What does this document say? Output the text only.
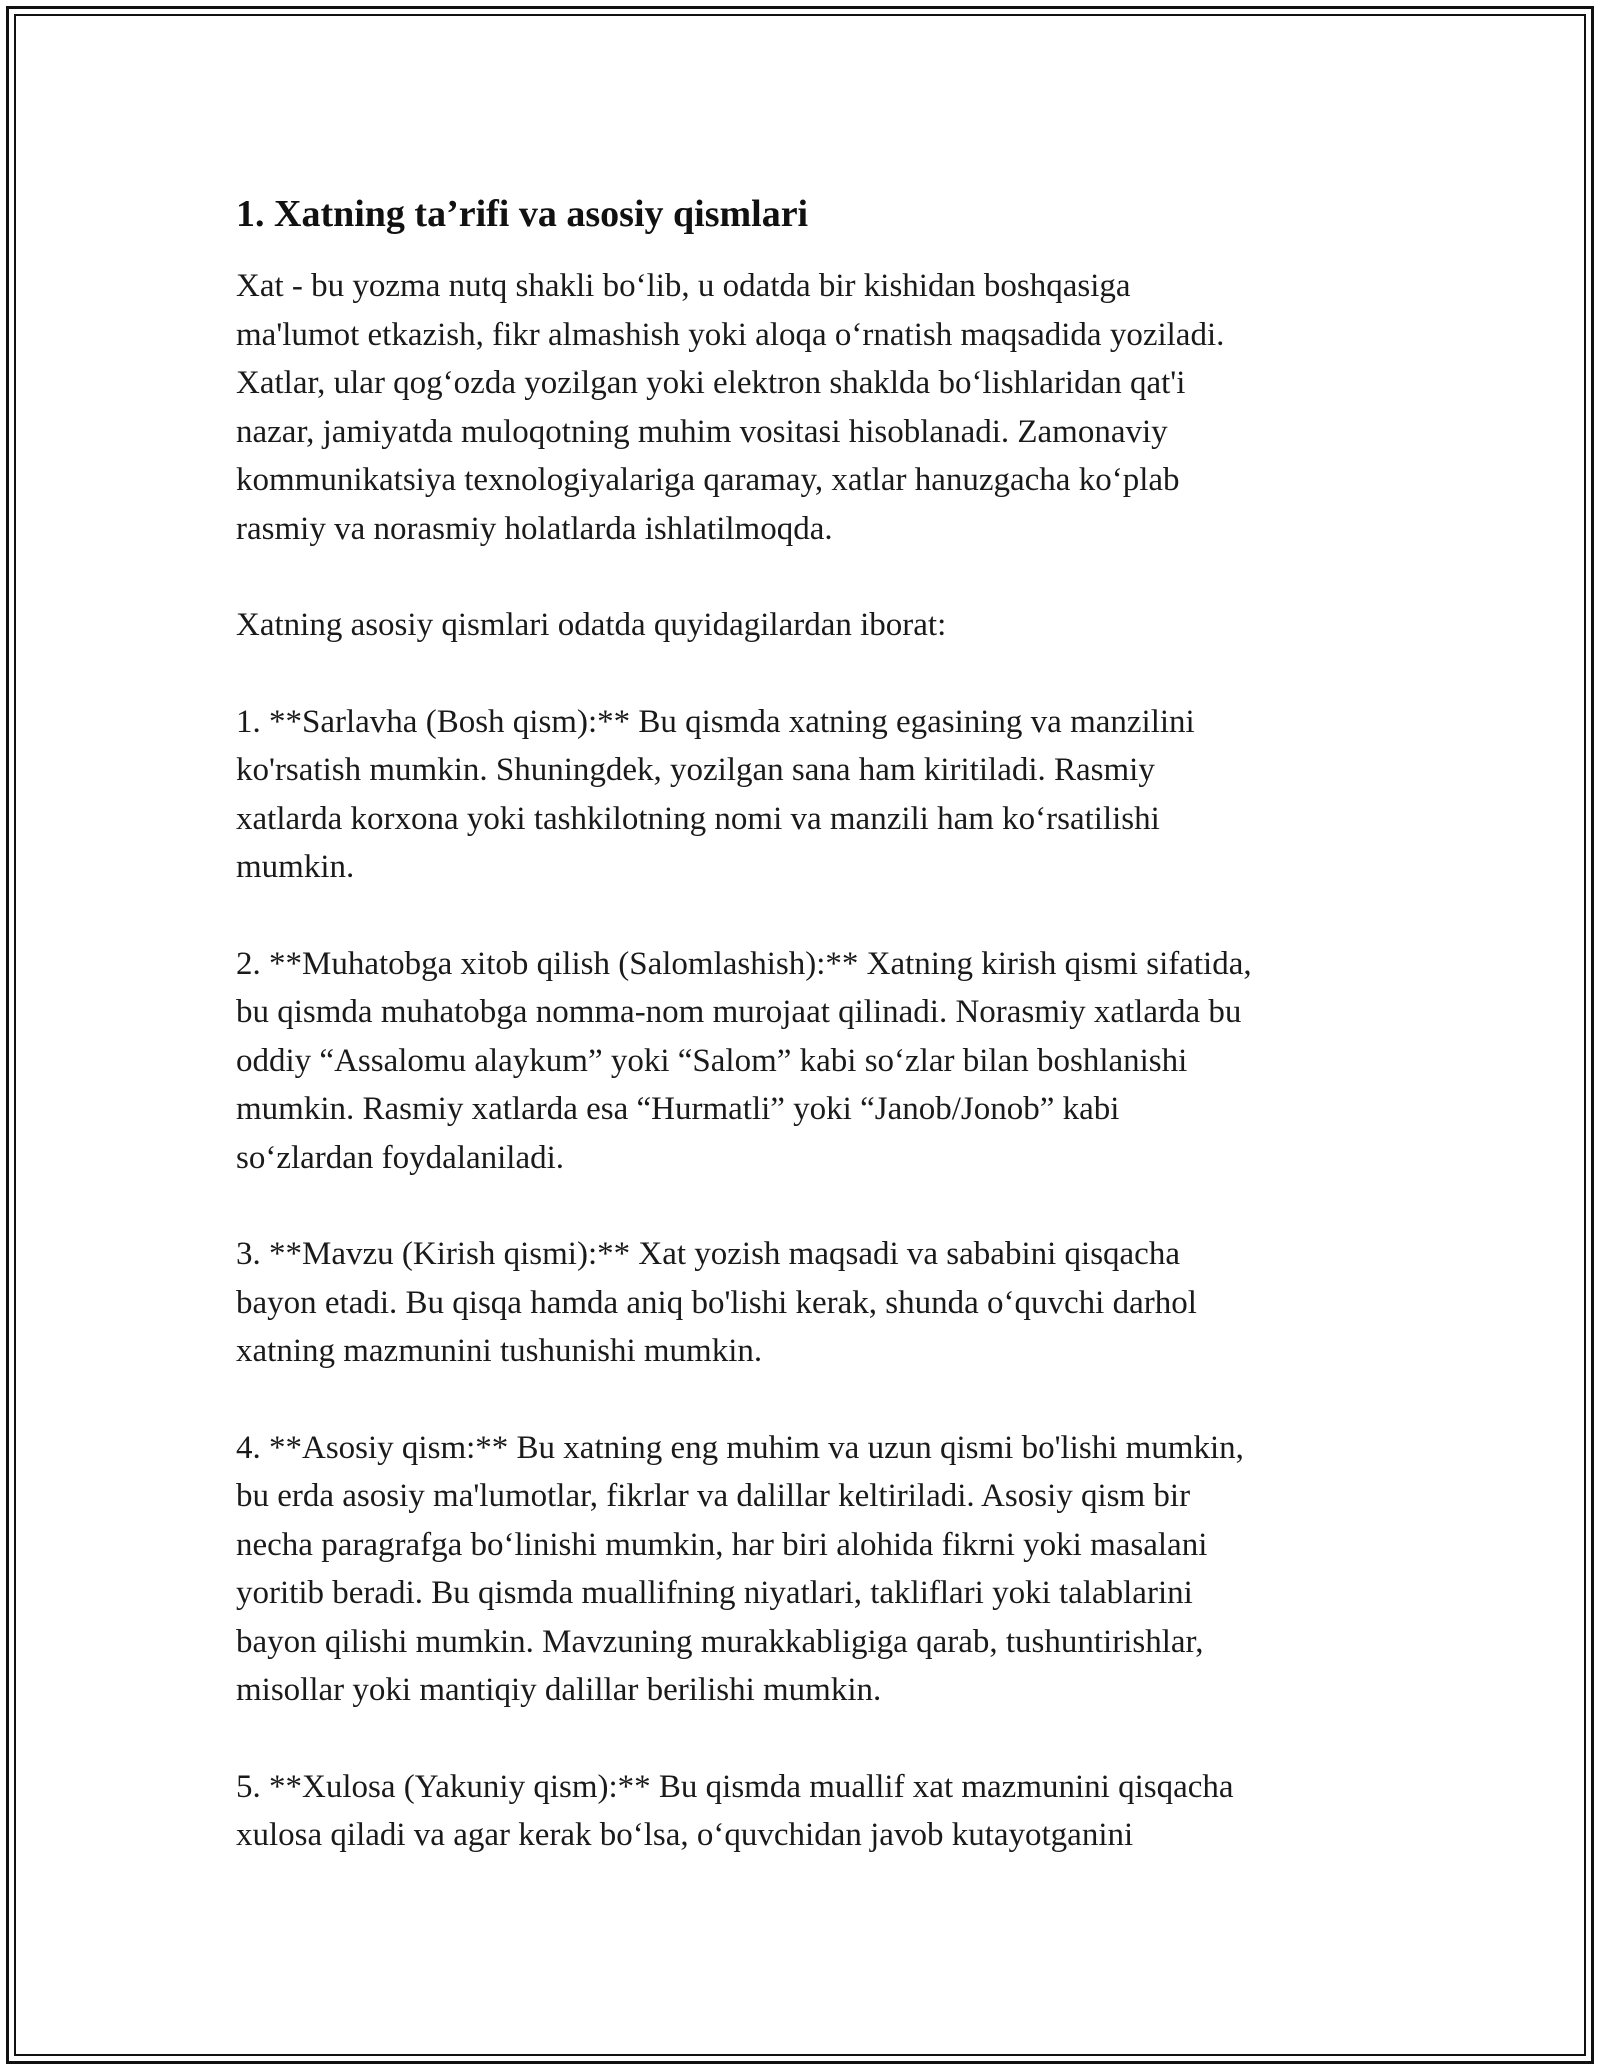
1. Xatning ta’rifi va asosiy qismlari

Xat - bu yozma nutq shakli bo‘lib, u odatda bir kishidan boshqasiga
ma'lumot etkazish, fikr almashish yoki aloqa o‘rnatish maqsadida yoziladi.
Xatlar, ular qog‘ozda yozilgan yoki elektron shaklda bo‘lishlaridan qat'i
nazar, jamiyatda muloqotning muhim vositasi hisoblanadi. Zamonaviy
kommunikatsiya texnologiyalariga qaramay, xatlar hanuzgacha ko‘plab
rasmiy va norasmiy holatlarda ishlatilmoqda.

Xatning asosiy qismlari odatda quyidagilardan iborat:

1. **Sarlavha (Bosh qism):** Bu qismda xatning egasining va manzilini
ko'rsatish mumkin. Shuningdek, yozilgan sana ham kiritiladi. Rasmiy
xatlarda korxona yoki tashkilotning nomi va manzili ham ko‘rsatilishi
mumkin.

2. **Muhatobga xitob qilish (Salomlashish):** Xatning kirish qismi sifatida,
bu qismda muhatobga nomma-nom murojaat qilinadi. Norasmiy xatlarda bu
oddiy “Assalomu alaykum” yoki “Salom” kabi so‘zlar bilan boshlanishi
mumkin. Rasmiy xatlarda esa “Hurmatli” yoki “Janob/Jonob” kabi
so‘zlardan foydalaniladi.

3. **Mavzu (Kirish qismi):** Xat yozish maqsadi va sababini qisqacha
bayon etadi. Bu qisqa hamda aniq bo'lishi kerak, shunda o‘quvchi darhol
xatning mazmunini tushunishi mumkin.

4. **Asosiy qism:** Bu xatning eng muhim va uzun qismi bo'lishi mumkin,
bu erda asosiy ma'lumotlar, fikrlar va dalillar keltiriladi. Asosiy qism bir
necha paragrafga bo‘linishi mumkin, har biri alohida fikrni yoki masalani
yoritib beradi. Bu qismda muallifning niyatlari, takliflari yoki talablarini
bayon qilishi mumkin. Mavzuning murakkabligiga qarab, tushuntirishlar,
misollar yoki mantiqiy dalillar berilishi mumkin.

5. **Xulosa (Yakuniy qism):** Bu qismda muallif xat mazmunini qisqacha
xulosa qiladi va agar kerak bo‘lsa, o‘quvchidan javob kutayotganini
